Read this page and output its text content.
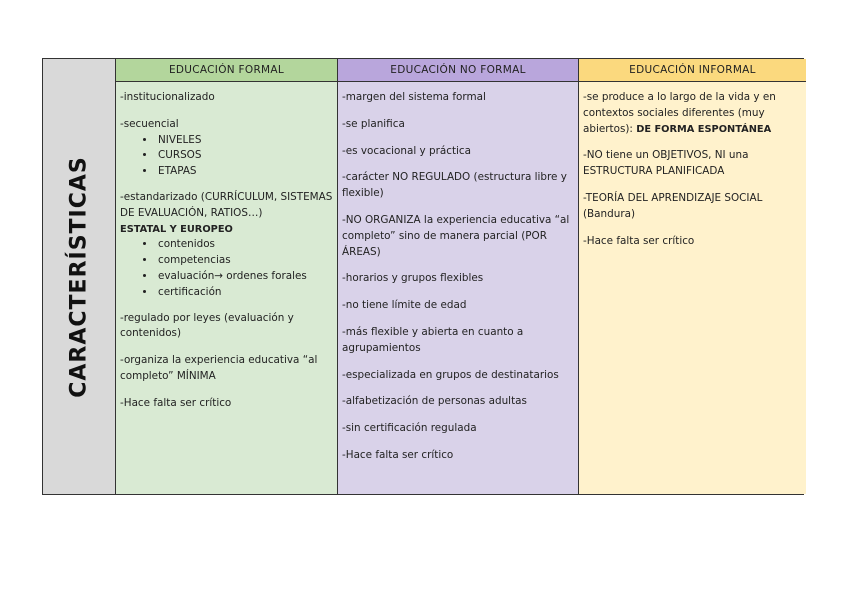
CARACTERÍSTICAS
EDUCACIÓN FORMAL
-institucionalizado
-secuencial
• NIVELES
• CURSOS
• ETAPAS
-estandarizado (CURRÍCULUM, SISTEMAS DE EVALUACIÓN, RATIOS…)
ESTATAL Y EUROPEO
• contenidos
• competencias
• evaluación→ ordenes forales
• certificación
-regulado por leyes (evaluación y contenidos)
-organiza la experiencia educativa “al completo” MÍNIMA
-Hace falta ser crítico
EDUCACIÓN NO FORMAL
-margen del sistema formal
-se planifica
-es vocacional y práctica
-carácter NO REGULADO (estructura libre y flexible)
-NO ORGANIZA la experiencia educativa “al completo” sino de manera parcial (POR ÁREAS)
-horarios y grupos flexibles
-no tiene límite de edad
-más flexible y abierta en cuanto a agrupamientos
-especializada en grupos de destinatarios
-alfabetización de personas adultas
-sin certificación regulada
-Hace falta ser crítico
EDUCACIÓN INFORMAL
-se produce a lo largo de la vida y en contextos sociales diferentes (muy abiertos): DE FORMA ESPONTÁNEA
-NO tiene un OBJETIVOS, NI una ESTRUCTURA PLANIFICADA
-TEORÍA DEL APRENDIZAJE SOCIAL (Bandura)
-Hace falta ser crítico
